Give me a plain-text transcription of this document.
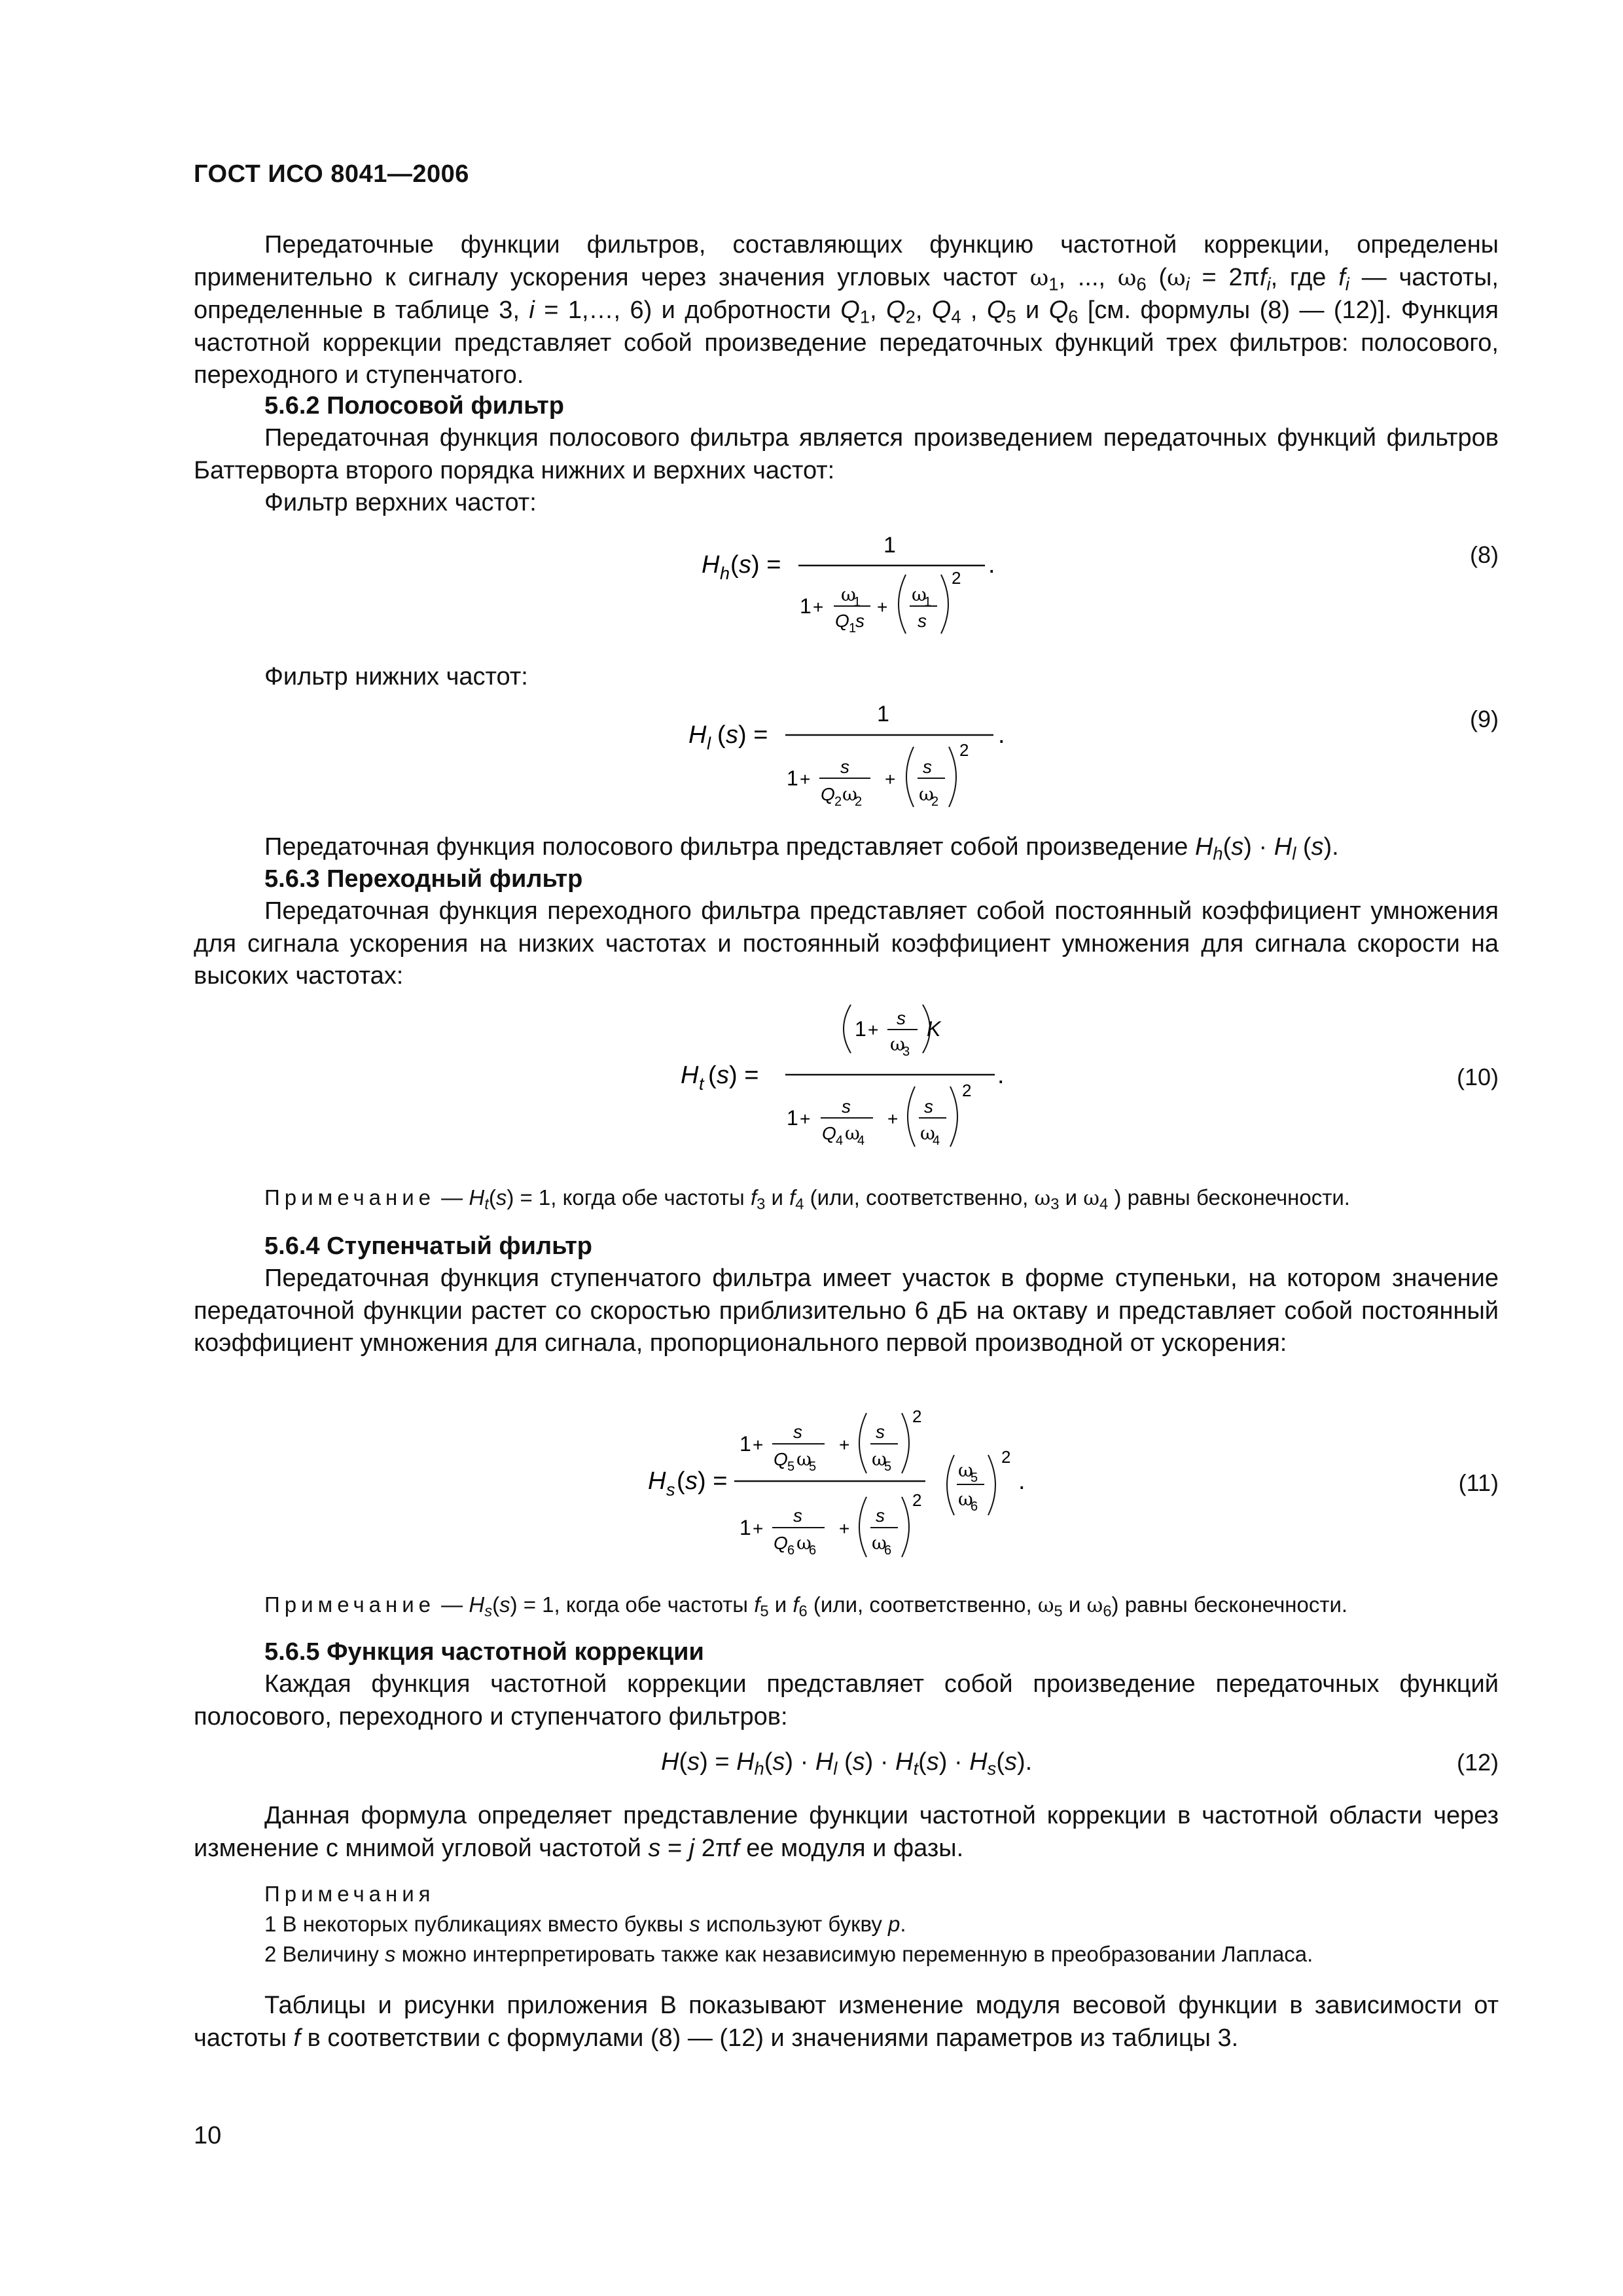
ГОСТ ИСО 8041—2006
Передаточные функции фильтров, составляющих функцию частотной коррекции, определены применительно к сигналу ускорения через значения угловых частот $\omega_1$, ..., $\omega_6$ ($\omega_i = 2\pi f_i$, где $f_i$ — частоты, определенные в таблице 3, i = 1,…, 6) и добротности $Q_1$, $Q_2$, $Q_4$ , $Q_5$ и $Q_6$ [см. формулы (8) — (12)]. Функция частотной коррекции представляет собой произведение передаточных функций трех фильтров: полосового, переходного и ступенчатого.
5.6.2 Полосовой фильтр
Передаточная функция полосового фильтра является произведением передаточных функций фильтров Баттерворта второго порядка нижних и верхних частот:
Фильтр верхних частот:
H h ( s ) =
1
.
1 +
ω
1
Q 1
s
+
ω
1
s
2
(8)
Фильтр нижних частот:
H l ( s ) =
1
.
1 +
s
Q 2 ω
2
+
s
ω
2
2
(9)
Передаточная функция полосового фильтра представляет собой произведение $H_h(s) \cdot H_l$ (s).
5.6.3 Переходный фильтр
Передаточная функция переходного фильтра представляет собой постоянный коэффициент умножения для сигнала ускорения на низких частотах и постоянный коэффициент умножения для сигнала скорости на высоких частотах:
H t ( s ) =
1 +
s
ω
3
K
.
1 +
s
Q 4 ω
4
+
s
ω
4
2	(10)
Примечание — $H_t(s) = 1$, когда обе частоты $f_3$ и $f_4$ (или, соответственно, $\omega_3$ и $\omega_4$ ) равны бесконечности.
5.6.4 Ступенчатый фильтр
Передаточная функция ступенчатого фильтра имеет участок в форме ступеньки, на котором значение передаточной функции растет со скоростью приблизительно 6 дБ на октаву и представляет собой постоянный коэффициент умножения для сигнала, пропорционального первой производной от ускорения:
H s ( s ) =
1 +
s
Q 5 ω
5
+
s
ω
5
2
1 +
s
Q 6 ω
6
+
s
ω
6
2
ω
5
ω
6
2
.	(11)
Примечание — $H_s(s) = 1$, когда обе частоты $f_5$ и $f_6$ (или, соответственно, $\omega_5$ и $\omega_6$) равны бесконечности.
5.6.5 Функция частотной коррекции
Каждая функция частотной коррекции представляет собой произведение передаточных функций полосового, переходного и ступенчатого фильтров:
$H(s) = H_h(s) \cdot H_l$ $(s) \cdot H_t(s) \cdot H_s(s)$.	(12)
Данная формула определяет представление функции частотной коррекции в частотной области через изменение с мнимой угловой частотой s = j 2πf ее модуля и фазы.
Примечания
1 В некоторых публикациях вместо буквы s используют букву p.
2 Величину s можно интерпретировать также как независимую переменную в преобразовании Лапласа.
Таблицы и рисунки приложения В показывают изменение модуля весовой функции в зависимости от частоты f в соответствии с формулами (8) — (12) и значениями параметров из таблицы 3.
10
